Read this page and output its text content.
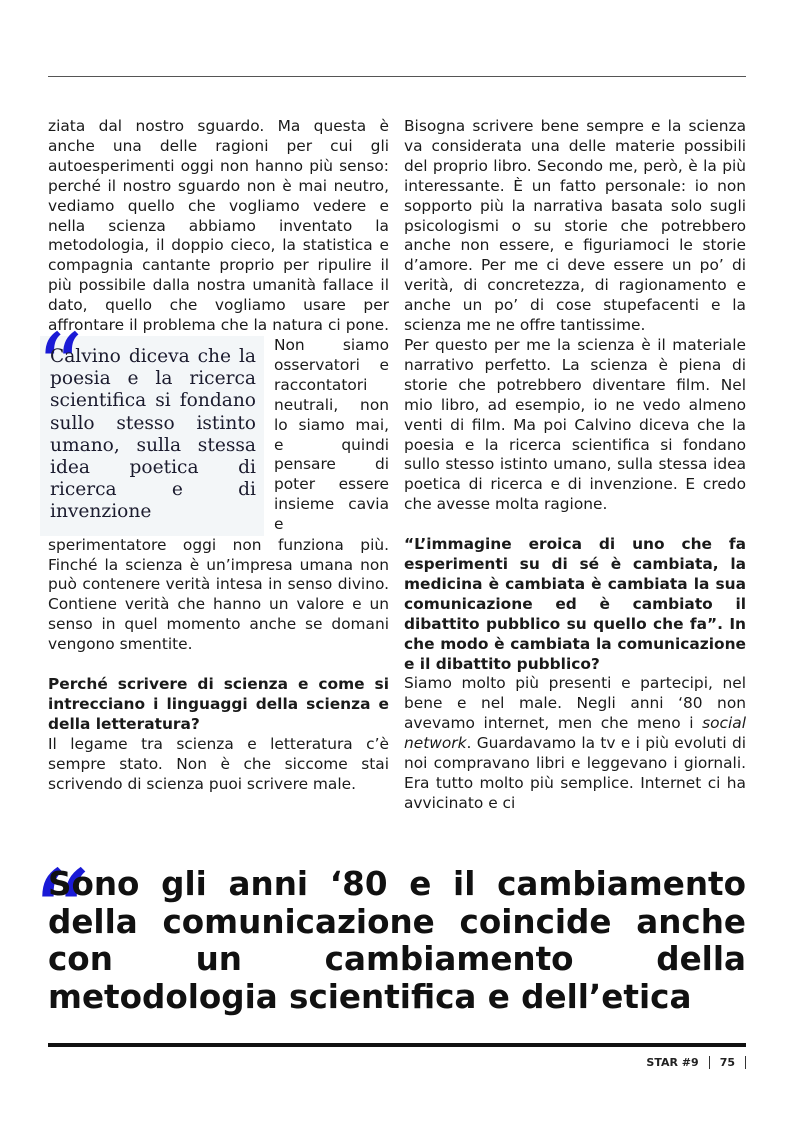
“
Calvino diceva che la poesia e la ricerca scientifica si fondano sullo stesso istinto umano, sulla stessa idea poetica di ricerca e di invenzione

ziata dal nostro sguardo. Ma questa è anche una delle ragioni per cui gli autoesperimenti oggi non hanno più senso: perché il nostro sguardo non è mai neutro, vediamo quello che vogliamo vedere e nella scienza abbiamo inventato la metodologia, il doppio cieco, la statistica e compagnia cantante proprio per ripulire il più possibile dalla nostra umanità fallace il dato, quello che vogliamo usare per affrontare il problema che la natura ci pone. Non siamo osservatori e raccontatori neutrali, non lo siamo mai, e quindi pensare di poter essere insieme cavia e sperimentatore oggi non funziona più. Finché la scienza è un’impresa umana non può contenere verità intesa in senso divino. Contiene verità che hanno un valore e un senso in quel momento anche se domani vengono smentite.

Perché scrivere di scienza e come si intrecciano i linguaggi della scienza e della letteratura?

Il legame tra scienza e letteratura c’è sempre stato. Non è che siccome stai scrivendo di scienza puoi scrivere male.

Bisogna scrivere bene sempre e la scienza va considerata una delle materie possibili del proprio libro. Secondo me, però, è la più interessante. È un fatto personale: io non sopporto più la narrativa basata solo sugli psicologismi o su storie che potrebbero anche non essere, e figuriamoci le storie d’amore. Per me ci deve essere un po’ di verità, di concretezza, di ragionamento e anche un po’ di cose stupefacenti e la scienza me ne offre tantissime.

Per questo per me la scienza è il materiale narrativo perfetto. La scienza è piena di storie che potrebbero diventare film. Nel mio libro, ad esempio, io ne vedo almeno venti di film. Ma poi Calvino diceva che la poesia e la ricerca scientifica si fondano sullo stesso istinto umano, sulla stessa idea poetica di ricerca e di invenzione. E credo che avesse molta ragione.

“L’immagine eroica di uno che fa esperimenti su di sé è cambiata, la medicina è cambiata è cambiata la sua comunicazione ed è cambiato il dibattito pubblico su quello che fa”. In che modo è cambiata la comunicazione e il dibattito pubblico?

Siamo molto più presenti e partecipi, nel bene e nel male. Negli anni ‘80 non avevamo internet, men che meno i social network. Guardavamo la tv e i più evoluti di noi compravano libri e leggevano i giornali. Era tutto molto più semplice. Internet ci ha avvicinato e ci

“
Sono gli anni ‘80 e il cambiamento della comunicazione coincide anche con un cambiamento della metodologia scientifica e dell’etica
STAR #9 75
